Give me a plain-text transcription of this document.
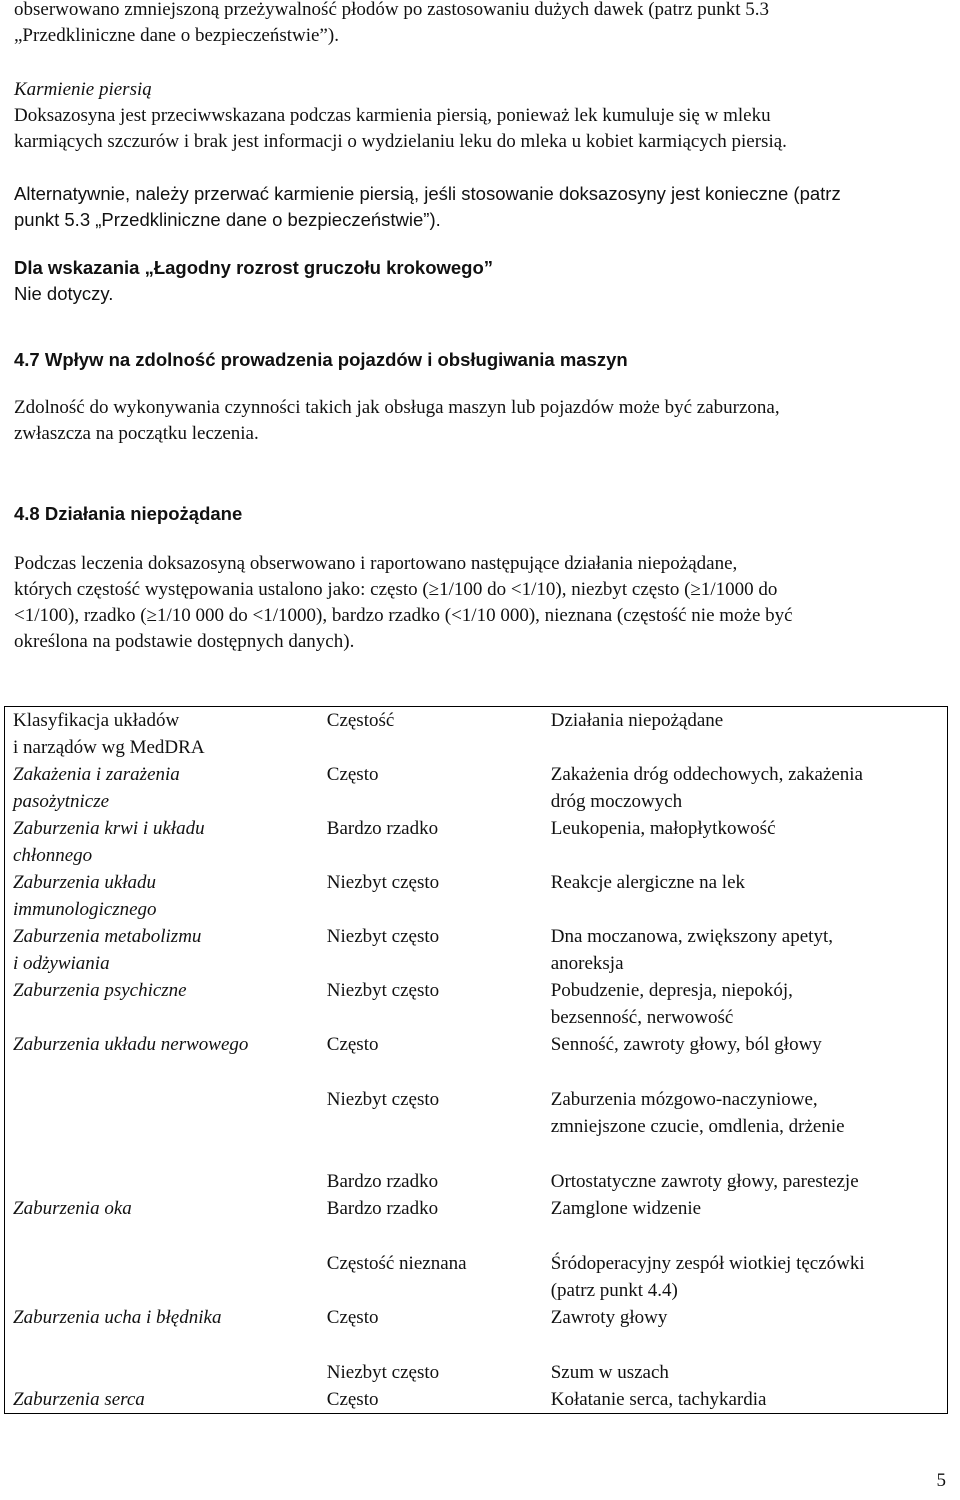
obserwowano zmniejszoną przeżywalność płodów po zastosowaniu dużych dawek (patrz punkt 5.3
„Przedkliniczne dane o bezpieczeństwie”).

Karmienie piersią

Doksazosyna jest przeciwwskazana podczas karmienia piersią, ponieważ lek kumuluje się w mleku
karmiących szczurów i brak jest informacji o wydzielaniu leku do mleka u kobiet karmiących piersią.

Alternatywnie, należy przerwać karmienie piersią, jeśli stosowanie doksazosyny jest konieczne (patrz
punkt 5.3 „Przedkliniczne dane o bezpieczeństwie”).

Dla wskazania „Łagodny rozrost gruczołu krokowego”

Nie dotyczy.

4.7 Wpływ na zdolność prowadzenia pojazdów i obsługiwania maszyn

Zdolność do wykonywania czynności takich jak obsługa maszyn lub pojazdów może być zaburzona,
zwłaszcza na początku leczenia.

4.8 Działania niepożądane

Podczas leczenia doksazosyną obserwowano i raportowano następujące działania niepożądane,
których częstość występowania ustalono jako: często (≥1/100 do <1/10), niezbyt często (≥1/1000 do
<1/100), rzadko (≥1/10 000 do <1/1000), bardzo rzadko (<1/10 000), nieznana (częstość nie może być
określona na podstawie dostępnych danych).

Klasyfikacja układów
i narządów wg MedDRA	Częstość	Działania niepożądane
Zakażenia i zarażenia
pasożytnicze	Często	Zakażenia dróg oddechowych, zakażenia
dróg moczowych
Zaburzenia krwi i układu
chłonnego	Bardzo rzadko	Leukopenia, małopłytkowość
Zaburzenia układu
immunologicznego	Niezbyt często	Reakcje alergiczne na lek
Zaburzenia metabolizmu
i odżywiania	Niezbyt często	Dna moczanowa, zwiększony apetyt,
anoreksja
Zaburzenia psychiczne	Niezbyt często	Pobudzenie, depresja, niepokój,
bezsenność, nerwowość
Zaburzenia układu nerwowego	Często	Senność, zawroty głowy, ból głowy
	Niezbyt często	Zaburzenia mózgowo-naczyniowe,
zmniejszone czucie, omdlenia, drżenie
	Bardzo rzadko	Ortostatyczne zawroty głowy, parestezje
Zaburzenia oka	Bardzo rzadko	Zamglone widzenie
	Częstość nieznana	Śródoperacyjny zespół wiotkiej tęczówki
(patrz punkt 4.4)
Zaburzenia ucha i błędnika	Często	Zawroty głowy
	Niezbyt często	Szum w uszach
Zaburzenia serca	Często	Kołatanie serca, tachykardia
5
